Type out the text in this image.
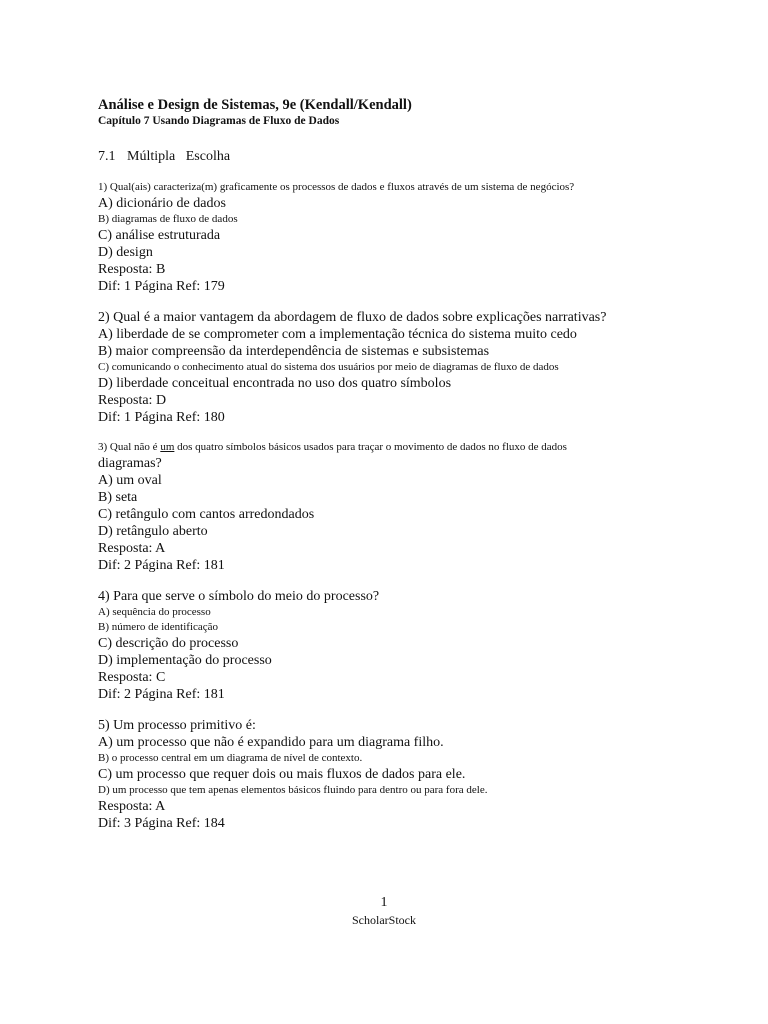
Análise e Design de Sistemas, 9e (Kendall/Kendall)

Capítulo 7 Usando Diagramas de Fluxo de Dados

7.1 Múltipla Escolha

1) Qual(ais) caracteriza(m) graficamente os processos de dados e fluxos através de um sistema de negócios?

A) dicionário de dados

B) diagramas de fluxo de dados

C) análise estruturada

D) design

Resposta: B

Dif: 1 Página Ref: 179

2) Qual é a maior vantagem da abordagem de fluxo de dados sobre explicações narrativas?

A) liberdade de se comprometer com a implementação técnica do sistema muito cedo

B) maior compreensão da interdependência de sistemas e subsistemas

C) comunicando o conhecimento atual do sistema dos usuários por meio de diagramas de fluxo de dados

D) liberdade conceitual encontrada no uso dos quatro símbolos

Resposta: D

Dif: 1 Página Ref: 180

3) Qual não é um dos quatro símbolos básicos usados para traçar o movimento de dados no fluxo de dados

diagramas?

A) um oval

B) seta

C) retângulo com cantos arredondados

D) retângulo aberto

Resposta: A

Dif: 2 Página Ref: 181

4) Para que serve o símbolo do meio do processo?

A) sequência do processo

B) número de identificação

C) descrição do processo

D) implementação do processo

Resposta: C

Dif: 2 Página Ref: 181

5) Um processo primitivo é:

A) um processo que não é expandido para um diagrama filho.

B) o processo central em um diagrama de nível de contexto.

C) um processo que requer dois ou mais fluxos de dados para ele.

D) um processo que tem apenas elementos básicos fluindo para dentro ou para fora dele.

Resposta: A

Dif: 3 Página Ref: 184

1
ScholarStock
